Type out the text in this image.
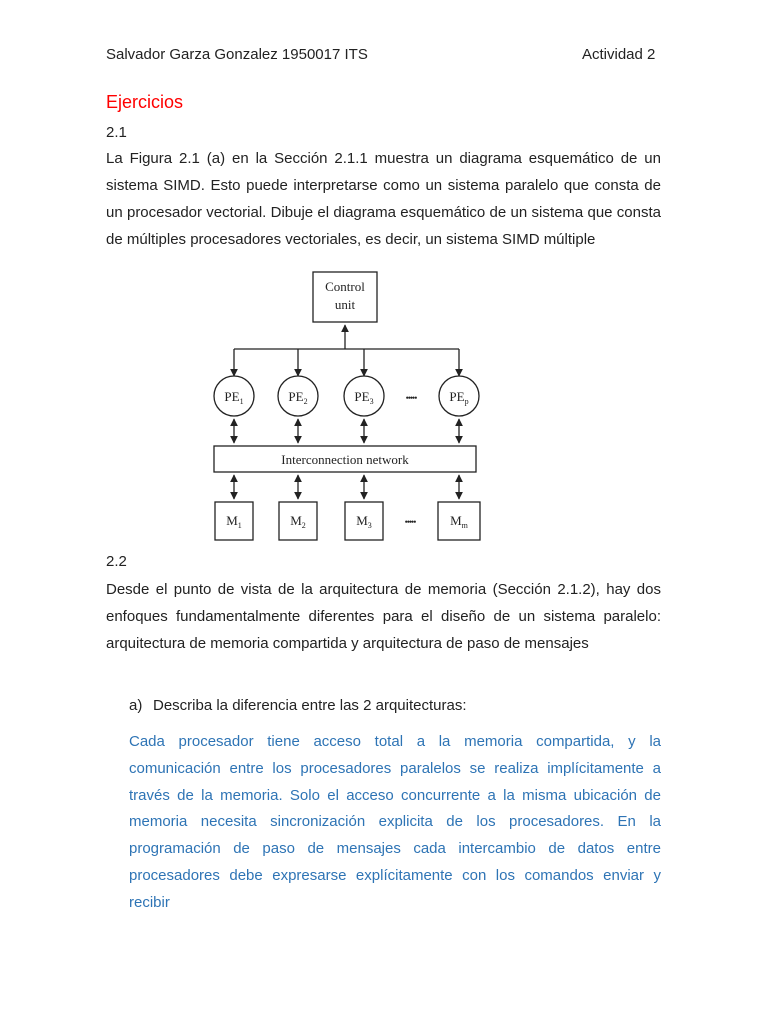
Salvador Garza Gonzalez 1950017 ITS	Actividad 2
Ejercicios
2.1
La Figura 2.1 (a) en la Sección 2.1.1 muestra un diagrama esquemático de un sistema SIMD. Esto puede interpretarse como un sistema paralelo que consta de un procesador vectorial. Dibuje el diagrama esquemático de un sistema que consta de múltiples procesadores vectoriales, es decir, un sistema SIMD múltiple
Control
unit
$PE_1$	$PE_2$	$PE_3$	$PE_p$
•••••
Interconnection network
$M_1$	$M_2$	$M_3$	$M_m$
•••••
2.2
Desde el punto de vista de la arquitectura de memoria (Sección 2.1.2), hay dos enfoques fundamentalmente diferentes para el diseño de un sistema paralelo: arquitectura de memoria compartida y arquitectura de paso de mensajes
a) Describa la diferencia entre las 2 arquitecturas:
Cada procesador tiene acceso total a la memoria compartida, y la comunicación entre los procesadores paralelos se realiza implícitamente a través de la memoria. Solo el acceso concurrente a la misma ubicación de memoria necesita sincronización explicita de los procesadores. En la programación de paso de mensajes cada intercambio de datos entre procesadores debe expresarse explícitamente con los comandos enviar y recibir
